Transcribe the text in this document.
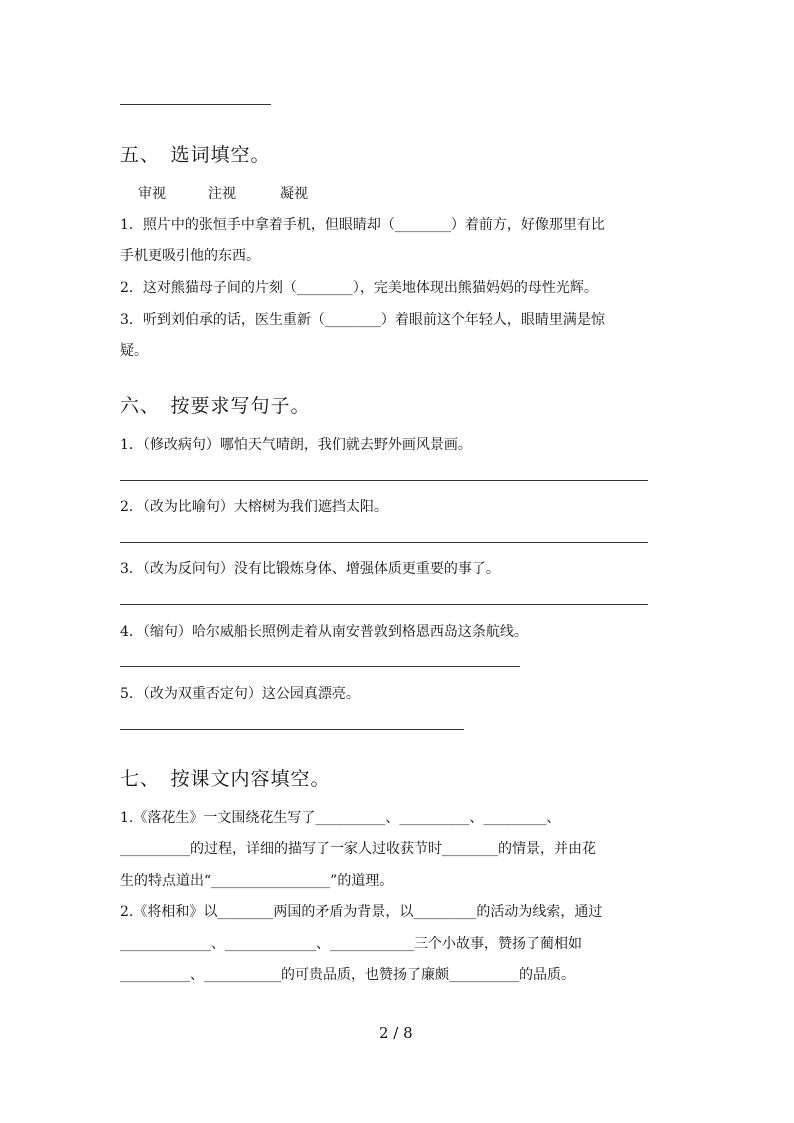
五、　选词填空。
审视	注视	凝视
1．照片中的张恒手中拿着手机，但眼睛却（________）着前方，好像那里有比
手机更吸引他的东西。
2．这对熊猫母子间的片刻（________），完美地体现出熊猫妈妈的母性光辉。
3．听到刘伯承的话，医生重新（________）着眼前这个年轻人，眼睛里满是惊
疑。
六、　按要求写句子。
1．（修改病句）哪怕天气晴朗，我们就去野外画风景画。
2．（改为比喻句）大榕树为我们遮挡太阳。
3．（改为反问句）没有比锻炼身体、增强体质更重要的事了。
4．（缩句）哈尔威船长照例走着从南安普敦到格恩西岛这条航线。
5．（改为双重否定句）这公园真漂亮。
七、　按课文内容填空。
1.《落花生》一文围绕花生写了__________、__________、_________、
__________的过程，详细的描写了一家人过收获节时________的情景，并由花
生的特点道出“_________________”的道理。
2.《将相和》以________两国的矛盾为背景，以_________的活动为线索，通过
_____________、_____________、____________三个小故事，赞扬了蔺相如
__________、___________的可贵品质，也赞扬了廉颇__________的品质。
2 / 8
